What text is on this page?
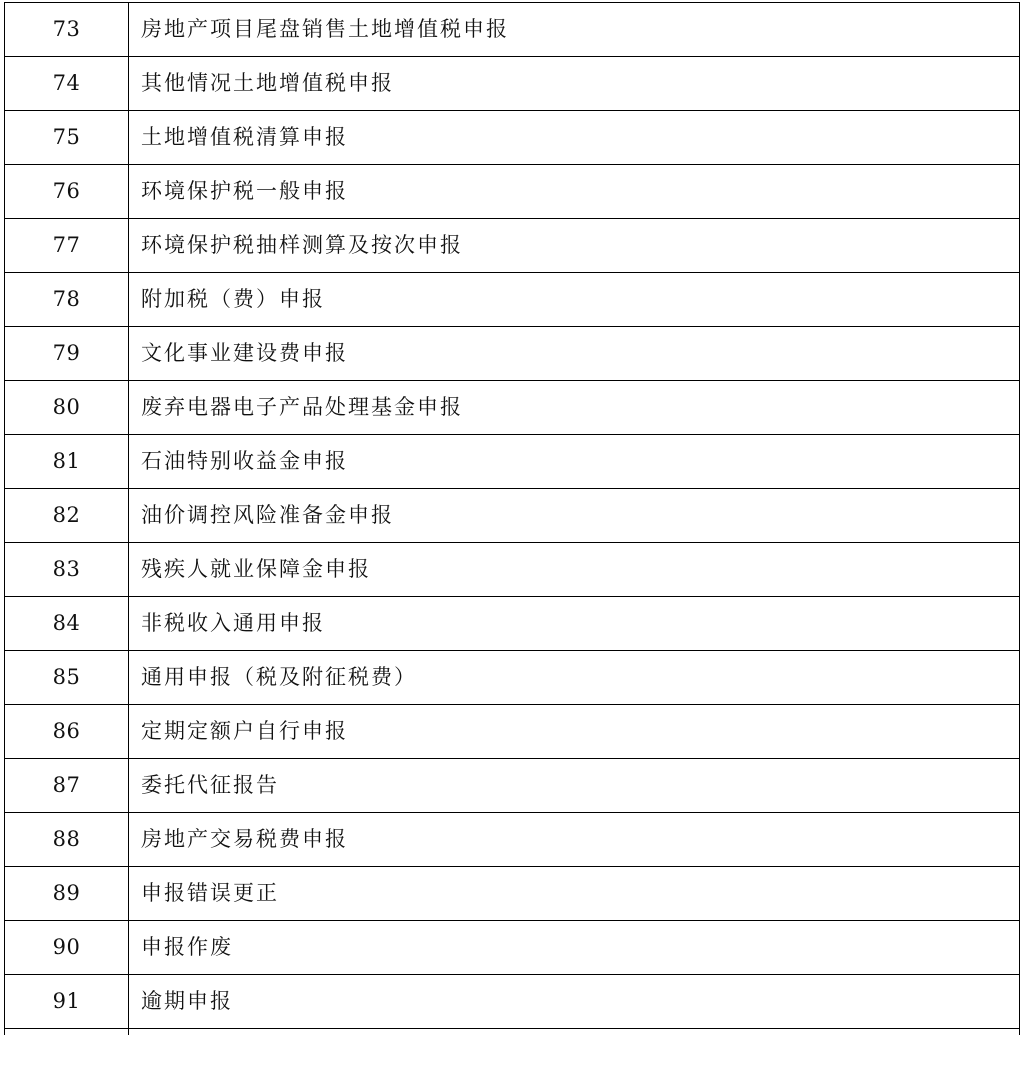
73	房地产项目尾盘销售土地增值税申报
74	其他情况土地增值税申报
75	土地增值税清算申报
76	环境保护税一般申报
77	环境保护税抽样测算及按次申报
78	附加税（费）申报
79	文化事业建设费申报
80	废弃电器电子产品处理基金申报
81	石油特别收益金申报
82	油价调控风险准备金申报
83	残疾人就业保障金申报
84	非税收入通用申报
85	通用申报（税及附征税费）
86	定期定额户自行申报
87	委托代征报告
88	房地产交易税费申报
89	申报错误更正
90	申报作废
91	逾期申报
